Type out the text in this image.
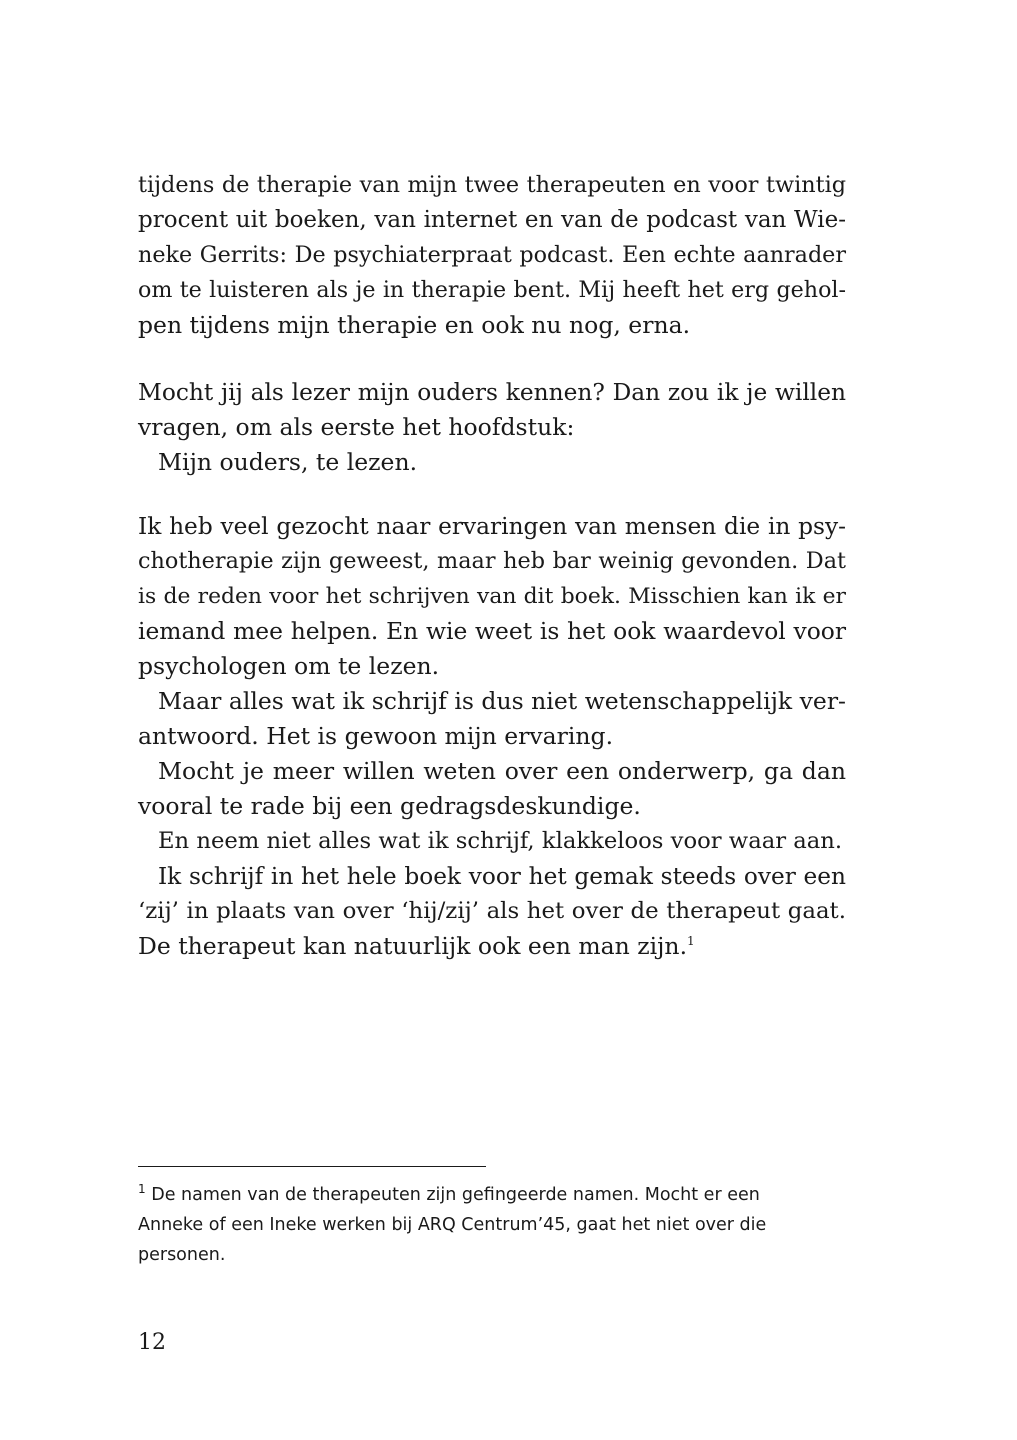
tijdens de therapie van mijn twee therapeuten en voor twintig
procent uit boeken, van internet en van de podcast van Wie-
neke Gerrits: De psychiaterpraat podcast. Een echte aanrader
om te luisteren als je in therapie bent. Mij heeft het erg gehol-
pen tijdens mijn therapie en ook nu nog, erna.
Mocht jij als lezer mijn ouders kennen? Dan zou ik je willen
vragen, om als eerste het hoofdstuk:
Mijn ouders, te lezen.
Ik heb veel gezocht naar ervaringen van mensen die in psy-
chotherapie zijn geweest, maar heb bar weinig gevonden. Dat
is de reden voor het schrijven van dit boek. Misschien kan ik er
iemand mee helpen. En wie weet is het ook waardevol voor
psychologen om te lezen.
Maar alles wat ik schrijf is dus niet wetenschappelijk ver-
antwoord. Het is gewoon mijn ervaring.
Mocht je meer willen weten over een onderwerp, ga dan
vooral te rade bij een gedragsdeskundige.
En neem niet alles wat ik schrijf, klakkeloos voor waar aan.
Ik schrijf in het hele boek voor het gemak steeds over een
‘zij’ in plaats van over ‘hij/zij’ als het over de therapeut gaat.
De therapeut kan natuurlijk ook een man zijn.$^1$
$^1$ De namen van de therapeuten zijn gefingeerde namen. Mocht er een
Anneke of een Ineke werken bij ARQ Centrum’45, gaat het niet over die
personen.
12
